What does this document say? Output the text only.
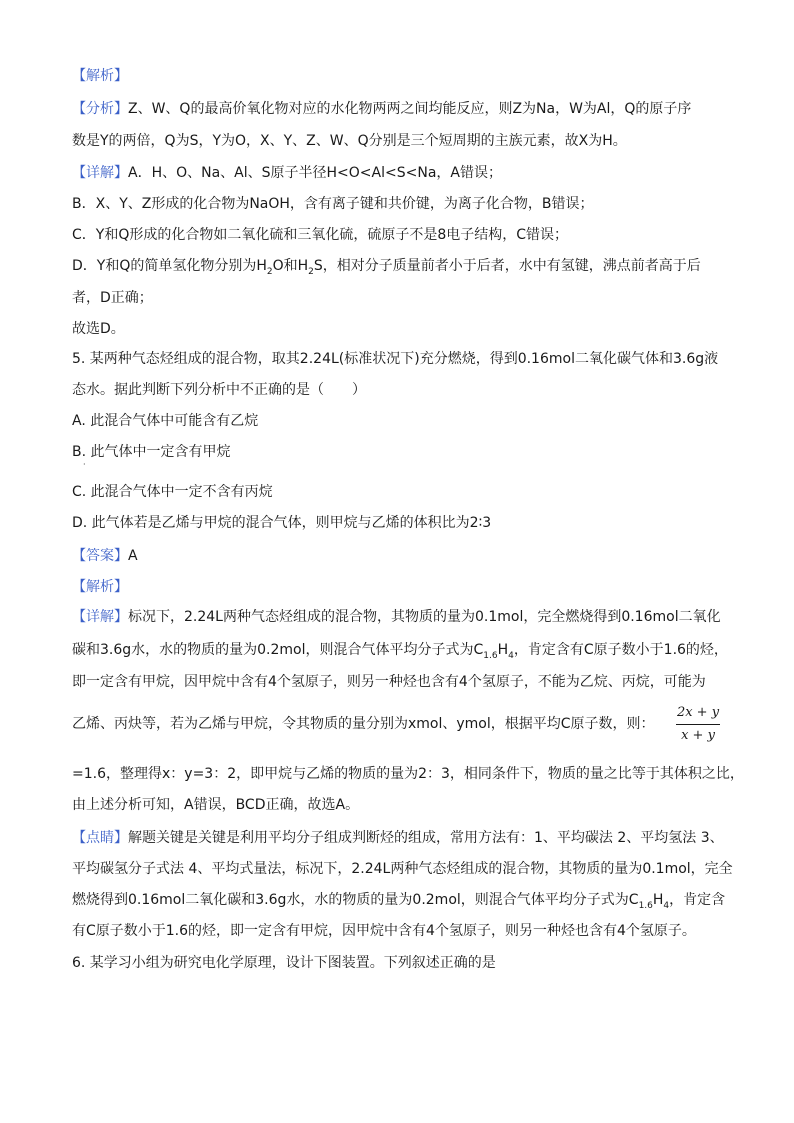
【解析】
【分析】Z、W、Q的最高价氧化物对应的水化物两两之间均能反应，则Z为Na，W为Al，Q的原子序
数是Y的两倍，Q为S，Y为O，X、Y、Z、W、Q分别是三个短周期的主族元素，故X为H。
【详解】A．H、O、Na、Al、S原子半径H<O<Al<S<Na，A错误；
B．X、Y、Z形成的化合物为NaOH，含有离子键和共价键，为离子化合物，B错误；
C．Y和Q形成的化合物如二氧化硫和三氧化硫，硫原子不是8电子结构，C错误；
D．Y和Q的简单氢化物分别为$H_2O$和$H_2S$，相对分子质量前者小于后者，水中有氢键，沸点前者高于后
者，D正确；
故选D。
5. 某两种气态烃组成的混合物，取其2.24L(标准状况下)充分燃烧，得到0.16mol二氧化碳气体和3.6g液
态水。据此判断下列分析中不正确的是（　　）
A. 此混合气体中可能含有乙烷
B. 此气体中一定含有甲烷
·
C. 此混合气体中一定不含有丙烷
D. 此气体若是乙烯与甲烷的混合气体，则甲烷与乙烯的体积比为2∶3
【答案】A
【解析】
【详解】标况下，2.24L两种气态烃组成的混合物，其物质的量为0.1mol，完全燃烧得到0.16mol二氧化
碳和3.6g水，水的物质的量为0.2mol，则混合气体平均分子式为$C_{1.6}H_4$，肯定含有C原子数小于1.6的烃，
即一定含有甲烷，因甲烷中含有4个氢原子，则另一种烃也含有4个氢原子，不能为乙烷、丙烷，可能为
乙烯、丙炔等，若为乙烯与甲烷，令其物质的量分别为xmol、ymol，根据平均C原子数，则：
2x + y
x + y
=1.6，整理得x：y=3：2，即甲烷与乙烯的物质的量为2：3，相同条件下，物质的量之比等于其体积之比，
由上述分析可知，A错误，BCD正确，故选A。
【点睛】解题关键是关键是利用平均分子组成判断烃的组成，常用方法有：1、平均碳法 2、平均氢法 3、
平均碳氢分子式法 4、平均式量法，标况下，2.24L两种气态烃组成的混合物，其物质的量为0.1mol，完全
燃烧得到0.16mol二氧化碳和3.6g水，水的物质的量为0.2mol，则混合气体平均分子式为$C_{1.6}H_4$，肯定含
有C原子数小于1.6的烃，即一定含有甲烷，因甲烷中含有4个氢原子，则另一种烃也含有4个氢原子。
6. 某学习小组为研究电化学原理，设计下图装置。下列叙述正确的是
